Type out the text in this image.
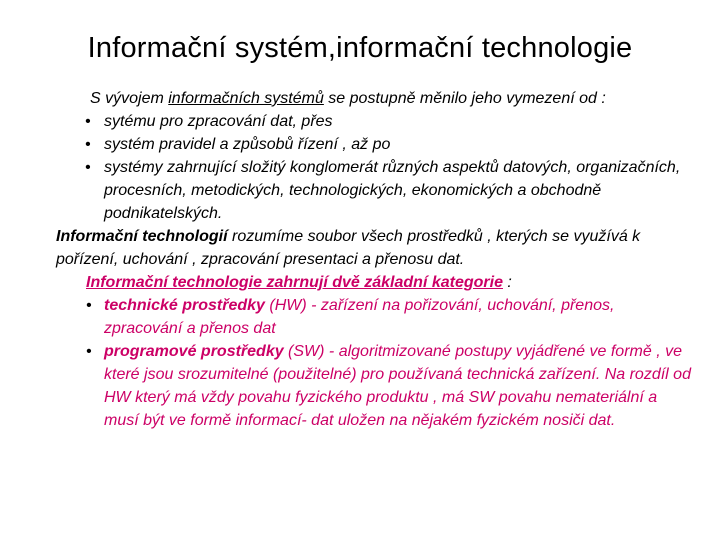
Informační systém,informační technologie

S vývojem informačních systémů se postupně měnilo jeho vymezení od :

• sytému pro zpracování dat, přes
• systém pravidel a způsobů řízení , až po
• systémy zahrnující složitý konglomerát různých aspektů datových, organizačních, procesních, metodických, technologických, ekonomických a obchodně podnikatelských.

Informační technologií rozumíme soubor všech prostředků , kterých se využívá k pořízení, uchování , zpracování presentaci a přenosu dat.

Informační technologie zahrnují dvě základní kategorie :

• technické prostředky (HW) - zařízení na pořizování, uchování, přenos, zpracování a přenos dat
• programové prostředky (SW) - algoritmizované postupy vyjádřené ve formě , ve které jsou srozumitelné (použitelné) pro používaná technická zařízení. Na rozdíl od HW který má vždy povahu fyzického produktu , má SW povahu nemateriální a musí být ve formě informací- dat uložen na nějakém fyzickém nosiči dat.
